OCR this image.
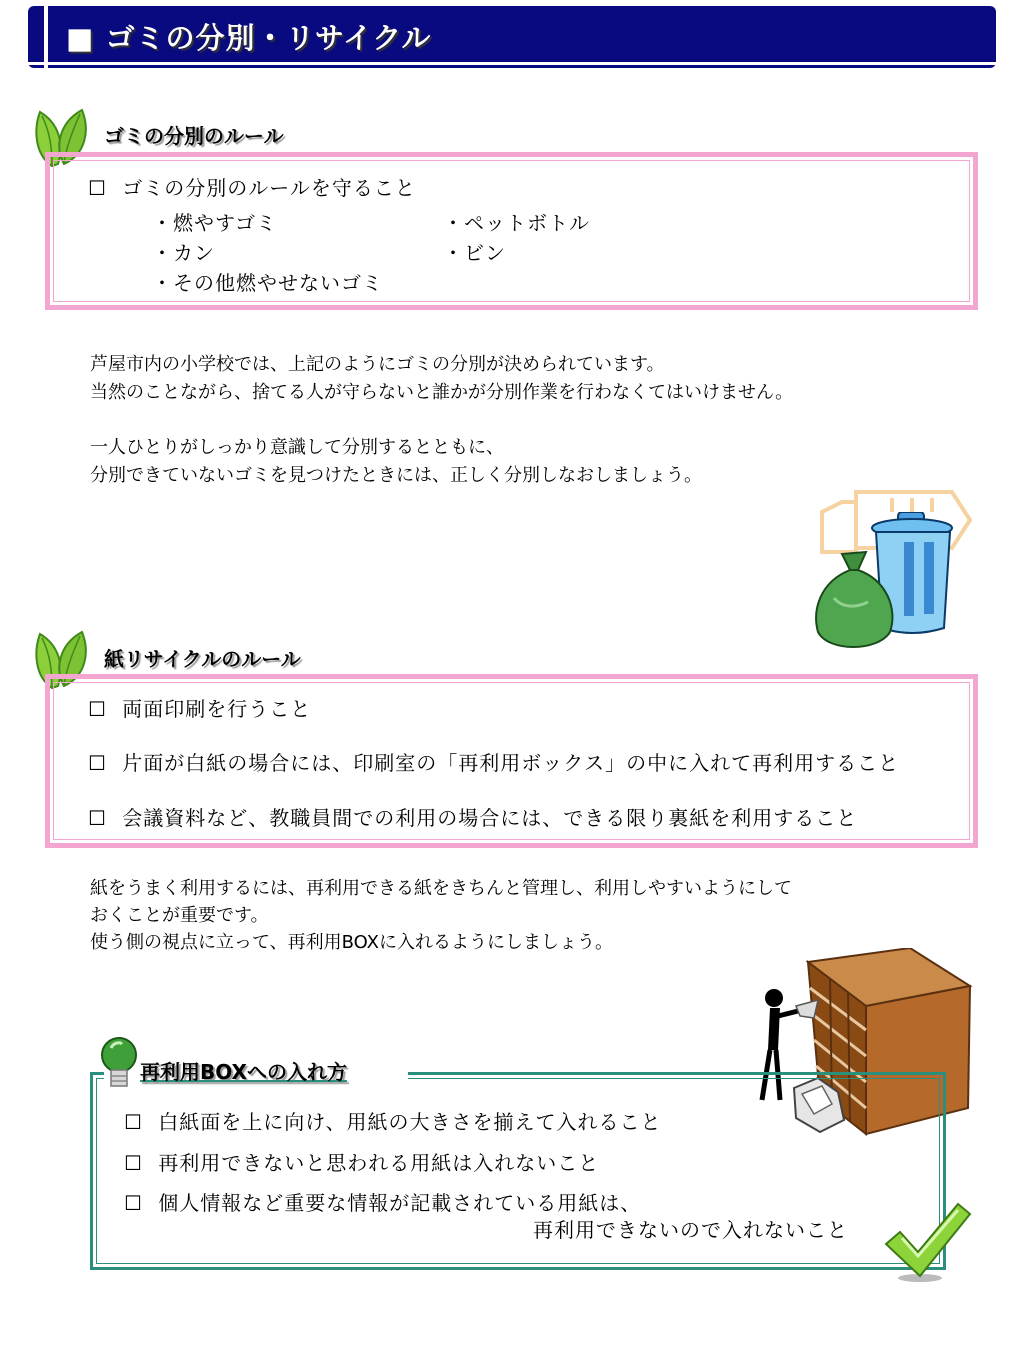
■ ゴミの分別・リサイクル
ゴミの分別のルール
☐ ゴミの分別のルールを守ること
・燃やすゴミ
・カン
・その他燃やせないゴミ
・ペットボトル
・ビン
芦屋市内の小学校では、上記のようにゴミの分別が決められています。
当然のことながら、捨てる人が守らないと誰かが分別作業を行わなくてはいけません。
一人ひとりがしっかり意識して分別するとともに、
分別できていないゴミを見つけたときには、正しく分別しなおしましょう。
紙リサイクルのルール
☐ 両面印刷を行うこと
☐ 片面が白紙の場合には、印刷室の「再利用ボックス」の中に入れて再利用すること
☐ 会議資料など、教職員間での利用の場合には、できる限り裏紙を利用すること
紙をうまく利用するには、再利用できる紙をきちんと管理し、利用しやすいようにして
おくことが重要です。
使う側の視点に立って、再利用BOXに入れるようにしましょう。
再利用BOXへの入れ方
☐ 白紙面を上に向け、用紙の大きさを揃えて入れること
☐ 再利用できないと思われる用紙は入れないこと
☐ 個人情報など重要な情報が記載されている用紙は、
再利用できないので入れないこと
